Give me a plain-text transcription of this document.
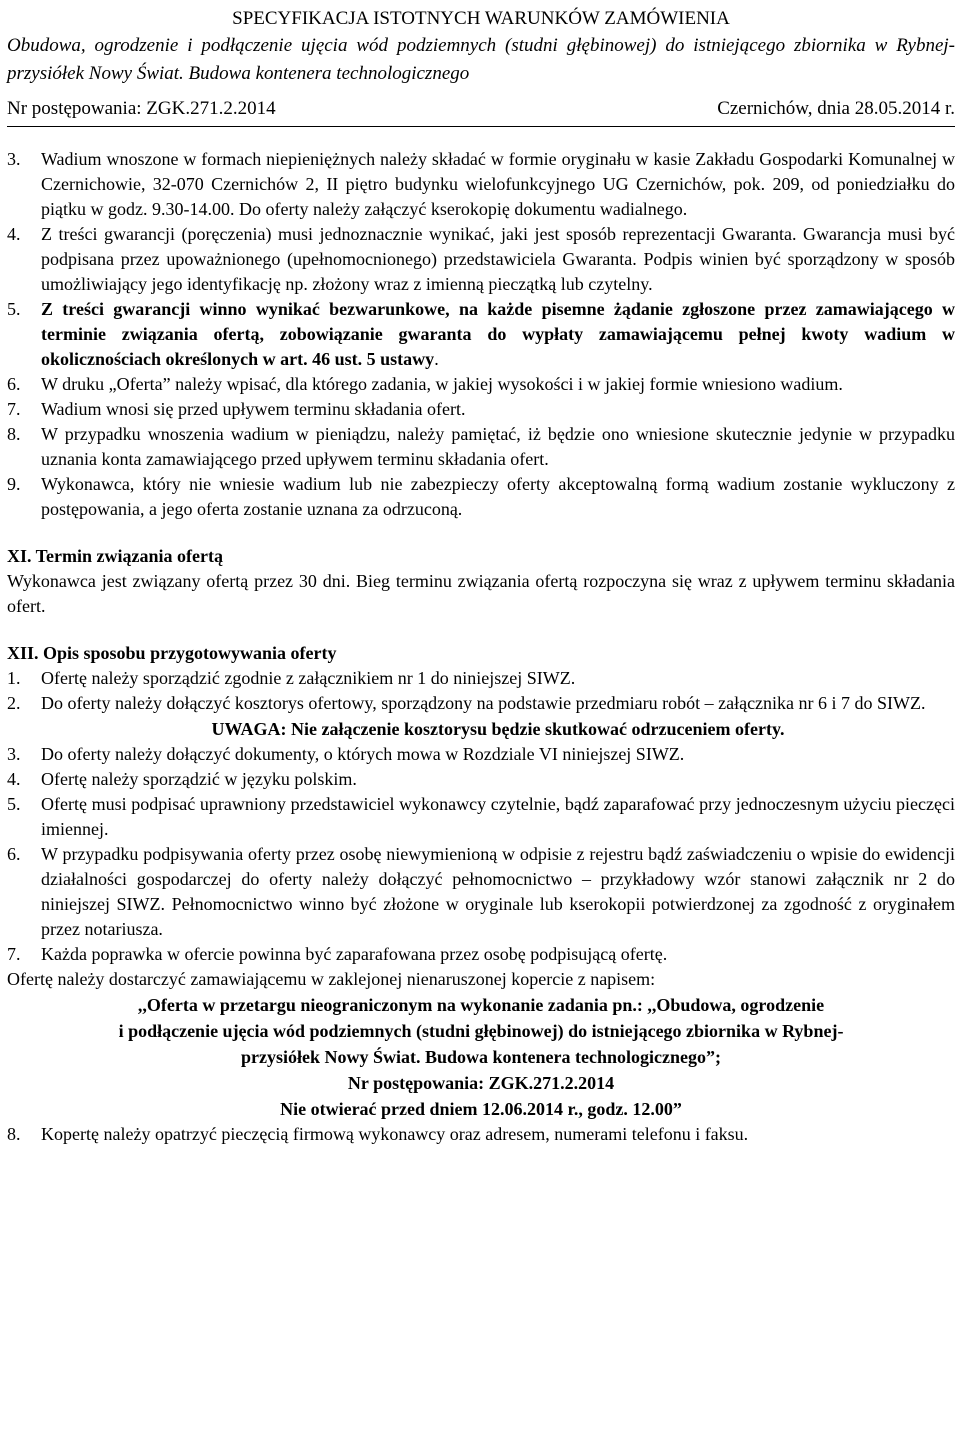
SPECYFIKACJA ISTOTNYCH WARUNKÓW ZAMÓWIENIA
Obudowa, ogrodzenie i podłączenie ujęcia wód podziemnych (studni głębinowej) do istniejącego zbiornika w Rybnej- przysiółek Nowy Świat. Budowa kontenera technologicznego
Nr postępowania: ZGK.271.2.2014	Czernichów, dnia 28.05.2014 r.
3.	Wadium wnoszone w formach niepieniężnych należy składać w formie oryginału w kasie Zakładu Gospodarki Komunalnej w Czernichowie, 32-070 Czernichów 2, II piętro budynku wielofunkcyjnego UG Czernichów, pok. 209, od poniedziałku do piątku w godz. 9.30-14.00. Do oferty należy załączyć kserokopię dokumentu wadialnego.
4.	Z treści gwarancji (poręczenia) musi jednoznacznie wynikać, jaki jest sposób reprezentacji Gwaranta. Gwarancja musi być podpisana przez upoważnionego (upełnomocnionego) przedstawiciela Gwaranta. Podpis winien być sporządzony w sposób umożliwiający jego identyfikację np. złożony wraz z imienną pieczątką lub czytelny.
5.	Z treści gwarancji winno wynikać bezwarunkowe, na każde pisemne żądanie zgłoszone przez zamawiającego w terminie związania ofertą, zobowiązanie gwaranta do wypłaty zamawiającemu pełnej kwoty wadium w okolicznościach określonych w art. 46 ust. 5 ustawy.
6.	W druku „Oferta” należy wpisać, dla którego zadania, w jakiej wysokości i w jakiej formie wniesiono wadium.
7.	Wadium wnosi się przed upływem terminu składania ofert.
8.	W przypadku wnoszenia wadium w pieniądzu, należy pamiętać, iż będzie ono wniesione skutecznie jedynie w przypadku uznania konta zamawiającego przed upływem terminu składania ofert.
9.	Wykonawca, który nie wniesie wadium lub nie zabezpieczy oferty akceptowalną formą wadium zostanie wykluczony z postępowania, a jego oferta zostanie uznana za odrzuconą.
XI. Termin związania ofertą
Wykonawca jest związany ofertą przez 30 dni. Bieg terminu związania ofertą rozpoczyna się wraz z upływem terminu składania ofert.
XII. Opis sposobu przygotowywania oferty
1.	Ofertę należy sporządzić zgodnie z załącznikiem nr 1 do niniejszej SIWZ.
2.	Do oferty należy dołączyć kosztorys ofertowy, sporządzony na podstawie przedmiaru robót – załącznika nr 6 i 7 do SIWZ.
UWAGA: Nie załączenie kosztorysu będzie skutkować odrzuceniem oferty.
3.	Do oferty należy dołączyć dokumenty, o których mowa w Rozdziale VI niniejszej SIWZ.
4.	Ofertę należy sporządzić w języku polskim.
5.	Ofertę musi podpisać uprawniony przedstawiciel wykonawcy czytelnie, bądź zaparafować przy jednoczesnym użyciu pieczęci imiennej.
6.	W przypadku podpisywania oferty przez osobę niewymienioną w odpisie z rejestru bądź zaświadczeniu o wpisie do ewidencji działalności gospodarczej do oferty należy dołączyć pełnomocnictwo – przykładowy wzór stanowi załącznik nr 2 do niniejszej SIWZ. Pełnomocnictwo winno być złożone w oryginale lub kserokopii potwierdzonej za zgodność z oryginałem przez notariusza.
7.	Każda poprawka w ofercie powinna być zaparafowana przez osobę podpisującą ofertę.
Ofertę należy dostarczyć zamawiającemu w zaklejonej nienaruszonej kopercie z napisem:
,,Oferta w przetargu nieograniczonym na wykonanie zadania pn.: ,,Obudowa, ogrodzenie
i podłączenie ujęcia wód podziemnych (studni głębinowej) do istniejącego zbiornika w Rybnej-
przysiółek Nowy Świat. Budowa kontenera technologicznego”;
Nr postępowania: ZGK.271.2.2014
Nie otwierać przed dniem 12.06.2014 r., godz. 12.00”
8.	Kopertę należy opatrzyć pieczęcią firmową wykonawcy oraz adresem, numerami telefonu i faksu.
